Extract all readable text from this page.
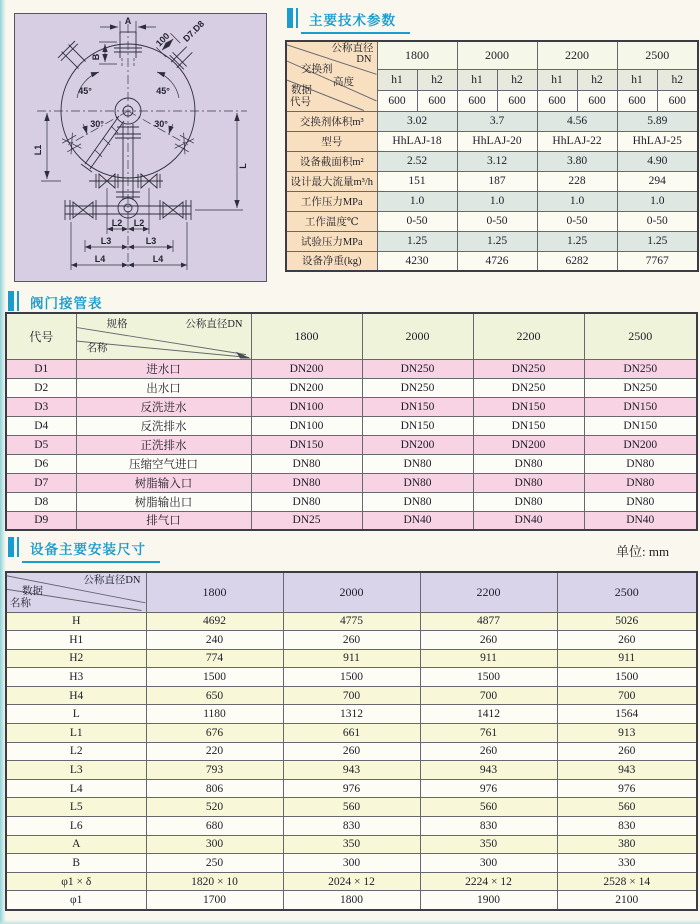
A
B
100 D7.D8
45°	45°
30°	30°
L1
L
L2 L2
L3	L3
L4	L4
主要技术参数
公称直径
DN
交换剂
高度
数据
代号
	1800	2000	2200	2500
	h1	h2	h1	h2	h1	h2	h1	h2
	600	600	600	600	600	600	600	600
交换剂体积m³	3.02		3.7		4.56		5.89	
型号	HhLAJ-18		HhLAJ-20		HhLAJ-22		HhLAJ-25	
设备截面积m²	2.52		3.12		3.80		4.90	
设计最大流量m³/h	151		187		228		294	
工作压力MPa	1.0		1.0		1.0		1.0	
工作温度℃	0-50		0-50		0-50		0-50	
试验压力MPa	1.25		1.25		1.25		1.25	
设备净重(kg)	4230		4726		6282		7767	
阀门接管表
代号	规格 公称直径DN
名称	1800	2000	2200	2500
D1	进水口	DN200	DN250	DN250	DN250
D2	出水口	DN200	DN250	DN250	DN250
D3	反洗进水	DN100	DN150	DN150	DN150
D4	反洗排水	DN100	DN150	DN150	DN150
D5	正洗排水	DN150	DN200	DN200	DN200
D6	压缩空气进口	DN80	DN80	DN80	DN80
D7	树脂输入口	DN80	DN80	DN80	DN80
D8	树脂输出口	DN80	DN80	DN80	DN80
D9	排气口	DN25	DN40	DN40	DN40
设备主要安装尺寸	单位: mm
公称直径DN
数据
名称	1800	2000	2200	2500
H	4692	4775	4877	5026
H1	240	260	260	260
H2	774	911	911	911
H3	1500	1500	1500	1500
H4	650	700	700	700
L	1180	1312	1412	1564
L1	676	661	761	913
L2	220	260	260	260
L3	793	943	943	943
L4	806	976	976	976
L5	520	560	560	560
L6	680	830	830	830
A	300	350	350	380
B	250	300	300	330
φ1 × δ	1820 × 10	2024 × 12	2224 × 12	2528 × 14
φ1	1700	1800	1900	2100
